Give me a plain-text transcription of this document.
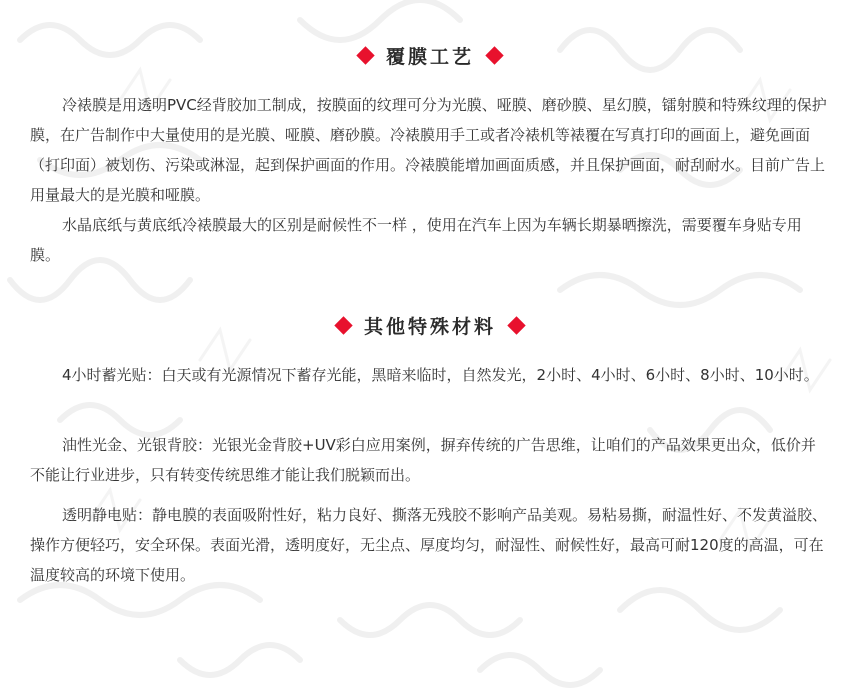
覆膜工艺

冷裱膜是用透明PVC经背胶加工制成，按膜面的纹理可分为光膜、哑膜、磨砂膜、星幻膜，镭射膜和特殊纹理的保护膜，在广告制作中大量使用的是光膜、哑膜、磨砂膜。冷裱膜用手工或者冷裱机等裱覆在写真打印的画面上，避免画面（打印面）被划伤、污染或淋湿，起到保护画面的作用。冷裱膜能增加画面质感，并且保护画面，耐刮耐水。目前广告上用量最大的是光膜和哑膜。

水晶底纸与黄底纸冷裱膜最大的区别是耐候性不一样 ，使用在汽车上因为车辆长期暴晒擦洗，需要覆车身贴专用膜。

其他特殊材料

4小时蓄光贴：白天或有光源情况下蓄存光能，黑暗来临时，自然发光，2小时、4小时、6小时、8小时、10小时。

油性光金、光银背胶：光银光金背胶+UV彩白应用案例，摒弃传统的广告思维，让咱们的产品效果更出众，低价并不能让行业进步，只有转变传统思维才能让我们脱颖而出。

透明静电贴：静电膜的表面吸附性好，粘力良好、撕落无残胶不影响产品美观。易粘易撕，耐温性好、不发黄溢胶、操作方便轻巧，安全环保。表面光滑，透明度好，无尘点、厚度均匀，耐湿性、耐候性好，最高可耐120度的高温，可在温度较高的环境下使用。
